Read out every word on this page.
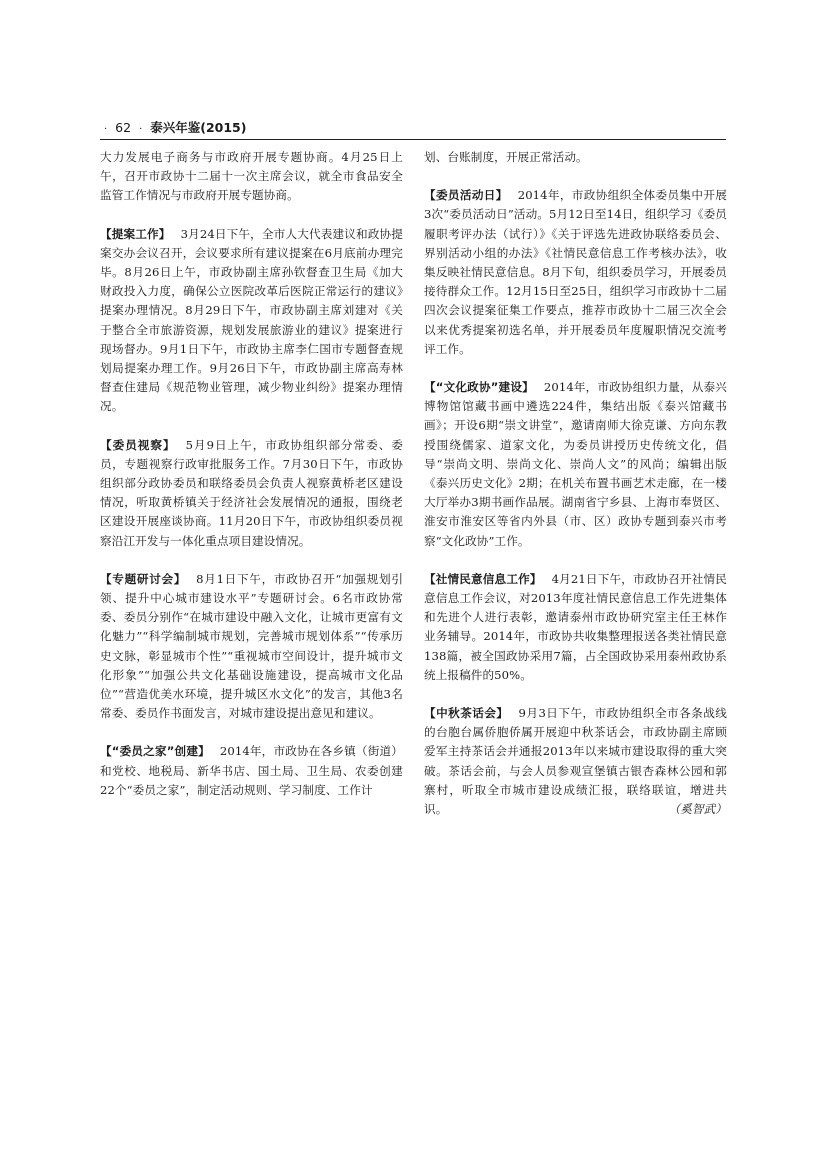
· 62 · 泰兴年鉴(2015)

大力发展电子商务与市政府开展专题协商。4月25日上午，召开市政协十二届十一次主席会议，就全市食品安全监管工作情况与市政府开展专题协商。

【提案工作】 3月24日下午，全市人大代表建议和政协提案交办会议召开，会议要求所有建议提案在6月底前办理完毕。8月26日上午，市政协副主席孙钦督查卫生局《加大财政投入力度，确保公立医院改革后医院正常运行的建议》提案办理情况。8月29日下午，市政协副主席刘建对《关于整合全市旅游资源，规划发展旅游业的建议》提案进行现场督办。9月1日下午，市政协主席李仁国市专题督查规划局提案办理工作。9月26日下午，市政协副主席高寿林督查住建局《规范物业管理，减少物业纠纷》提案办理情况。

【委员视察】 5月9日上午，市政协组织部分常委、委员，专题视察行政审批服务工作。7月30日下午，市政协组织部分政协委员和联络委员会负责人视察黄桥老区建设情况，听取黄桥镇关于经济社会发展情况的通报，围绕老区建设开展座谈协商。11月20日下午，市政协组织委员视察沿江开发与一体化重点项目建设情况。

【专题研讨会】 8月1日下午，市政协召开“加强规划引领、提升中心城市建设水平”专题研讨会。6名市政协常委、委员分别作“在城市建设中融入文化，让城市更富有文化魅力”“科学编制城市规划，完善城市规划体系”“传承历史文脉，彰显城市个性”“重视城市空间设计，提升城市文化形象”“加强公共文化基础设施建设，提高城市文化品位”“营造优美水环境，提升城区水文化”的发言，其他3名常委、委员作书面发言，对城市建设提出意见和建议。

【“委员之家”创建】 2014年，市政协在各乡镇（街道）和党校、地税局、新华书店、国土局、卫生局、农委创建22个“委员之家”，制定活动规则、学习制度、工作计

划、台账制度，开展正常活动。

【委员活动日】 2014年，市政协组织全体委员集中开展3次“委员活动日”活动。5月12日至14日，组织学习《委员履职考评办法（试行）》《关于评选先进政协联络委员会、界别活动小组的办法》《社情民意信息工作考核办法》，收集反映社情民意信息。8月下旬，组织委员学习，开展委员接待群众工作。12月15日至25日，组织学习市政协十二届四次会议提案征集工作要点，推荐市政协十二届三次全会以来优秀提案初选名单，并开展委员年度履职情况交流考评工作。

【“文化政协”建设】 2014年，市政协组织力量，从泰兴博物馆馆藏书画中遴选224件，集结出版《泰兴馆藏书画》；开设6期“崇文讲堂”，邀请南师大徐克谦、方向东教授围绕儒家、道家文化，为委员讲授历史传统文化，倡导“崇尚文明、崇尚文化、崇尚人文”的风尚；编辑出版《泰兴历史文化》2期；在机关布置书画艺术走廊，在一楼大厅举办3期书画作品展。湖南省宁乡县、上海市奉贤区、淮安市淮安区等省内外县（市、区）政协专题到泰兴市考察“文化政协”工作。

【社情民意信息工作】 4月21日下午，市政协召开社情民意信息工作会议，对2013年度社情民意信息工作先进集体和先进个人进行表彰，邀请泰州市政协研究室主任王林作业务辅导。2014年，市政协共收集整理报送各类社情民意138篇，被全国政协采用7篇，占全国政协采用泰州政协系统上报稿件的50%。

【中秋茶话会】 9月3日下午，市政协组织全市各条战线的台胞台属侨胞侨属开展迎中秋茶话会，市政协副主席顾爱军主持茶话会并通报2013年以来城市建设取得的重大突破。茶话会前，与会人员参观宣堡镇古银杏森林公园和郭寨村，听取全市城市建设成绩汇报，联络联谊，增进共识。	（奚智武）
